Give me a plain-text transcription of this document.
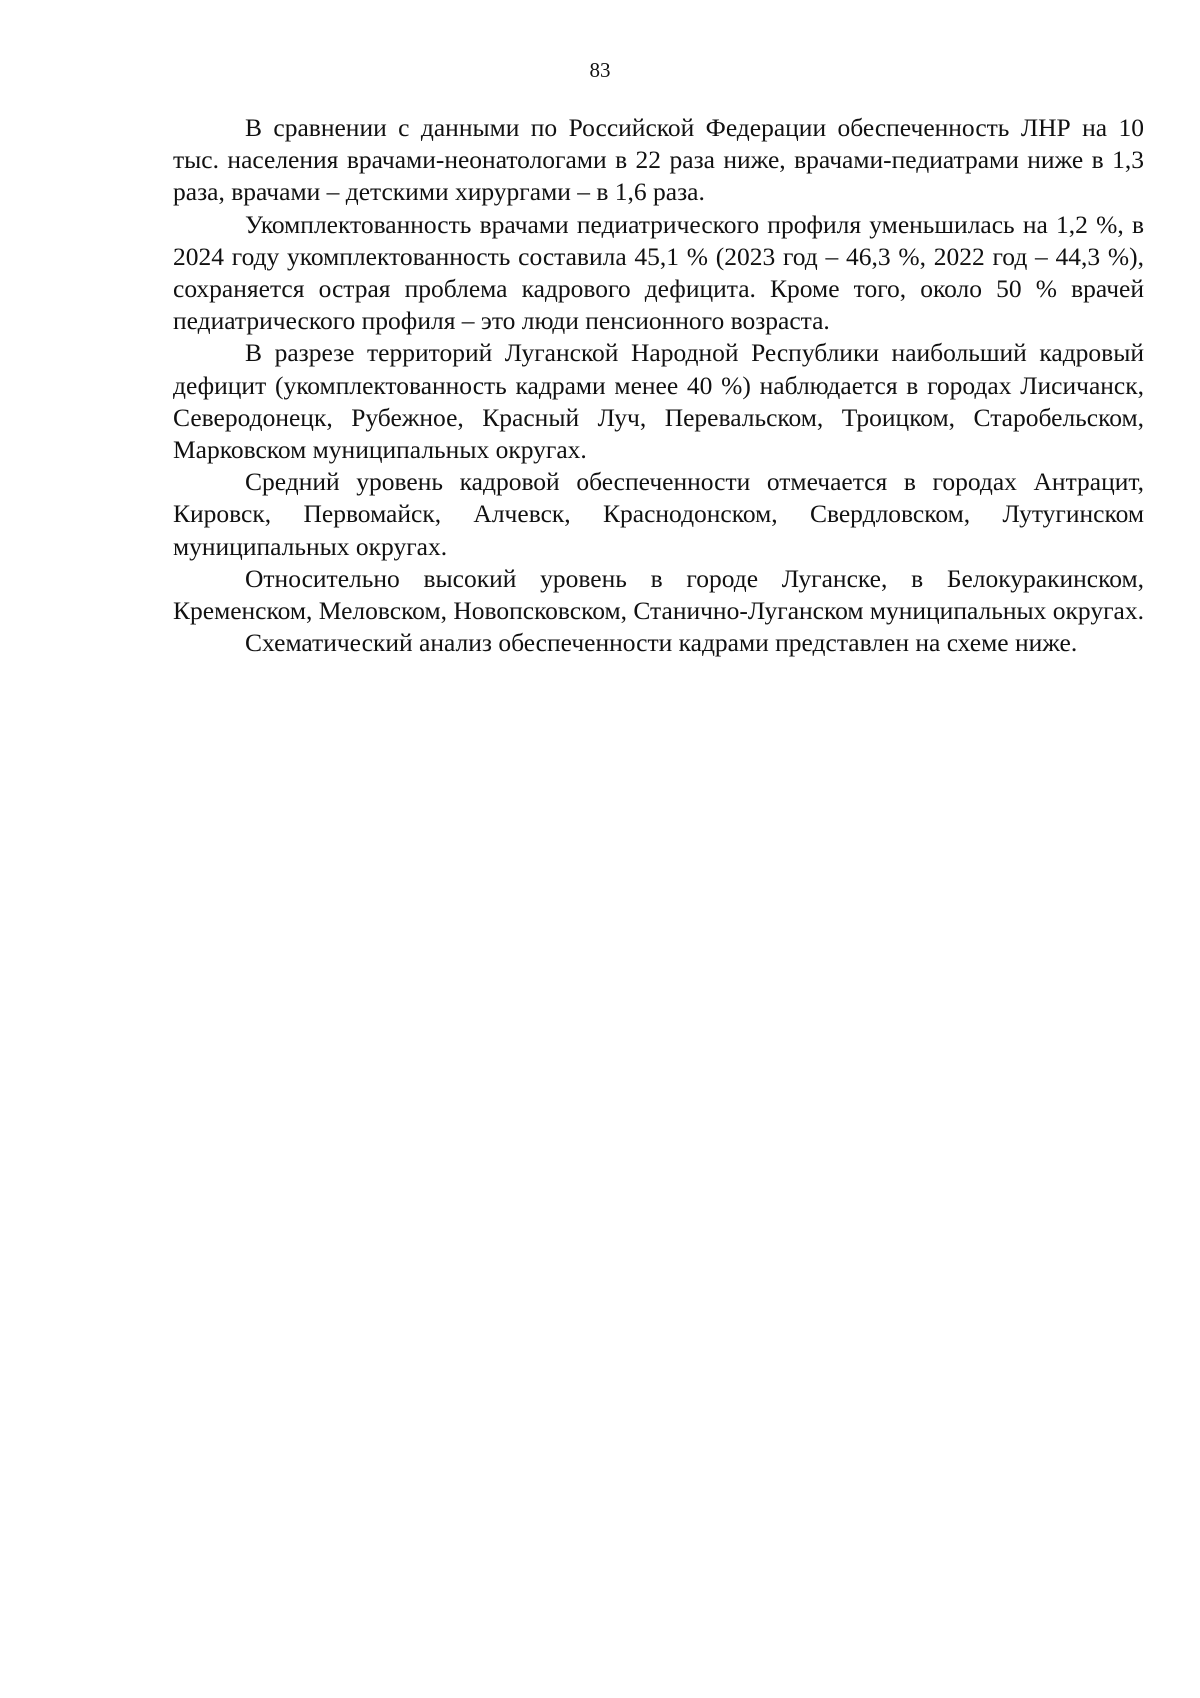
83

В сравнении с данными по Российской Федерации обеспеченность ЛНР на 10 тыс. населения врачами-неонатологами в 22 раза ниже, врачами-педиатрами ниже в 1,3 раза, врачами – детскими хирургами – в 1,6 раза.

Укомплектованность врачами педиатрического профиля уменьшилась на 1,2 %, в 2024 году укомплектованность составила 45,1 % (2023 год – 46,3 %, 2022 год – 44,3 %), сохраняется острая проблема кадрового дефицита. Кроме того, около 50 % врачей педиатрического профиля – это люди пенсионного возраста.

В разрезе территорий Луганской Народной Республики наибольший кадровый дефицит (укомплектованность кадрами менее 40 %) наблюдается в городах Лисичанск, Северодонецк, Рубежное, Красный Луч, Перевальском, Троицком, Старобельском, Марковском муниципальных округах.

Средний уровень кадровой обеспеченности отмечается в городах Антрацит, Кировск, Первомайск, Алчевск, Краснодонском, Свердловском, Лутугинском муниципальных округах.

Относительно высокий уровень в городе Луганске, в Белокуракинском, Кременском, Меловском, Новопсковском, Станично-Луганском муниципальных округах.

Схематический анализ обеспеченности кадрами представлен на схеме ниже.
